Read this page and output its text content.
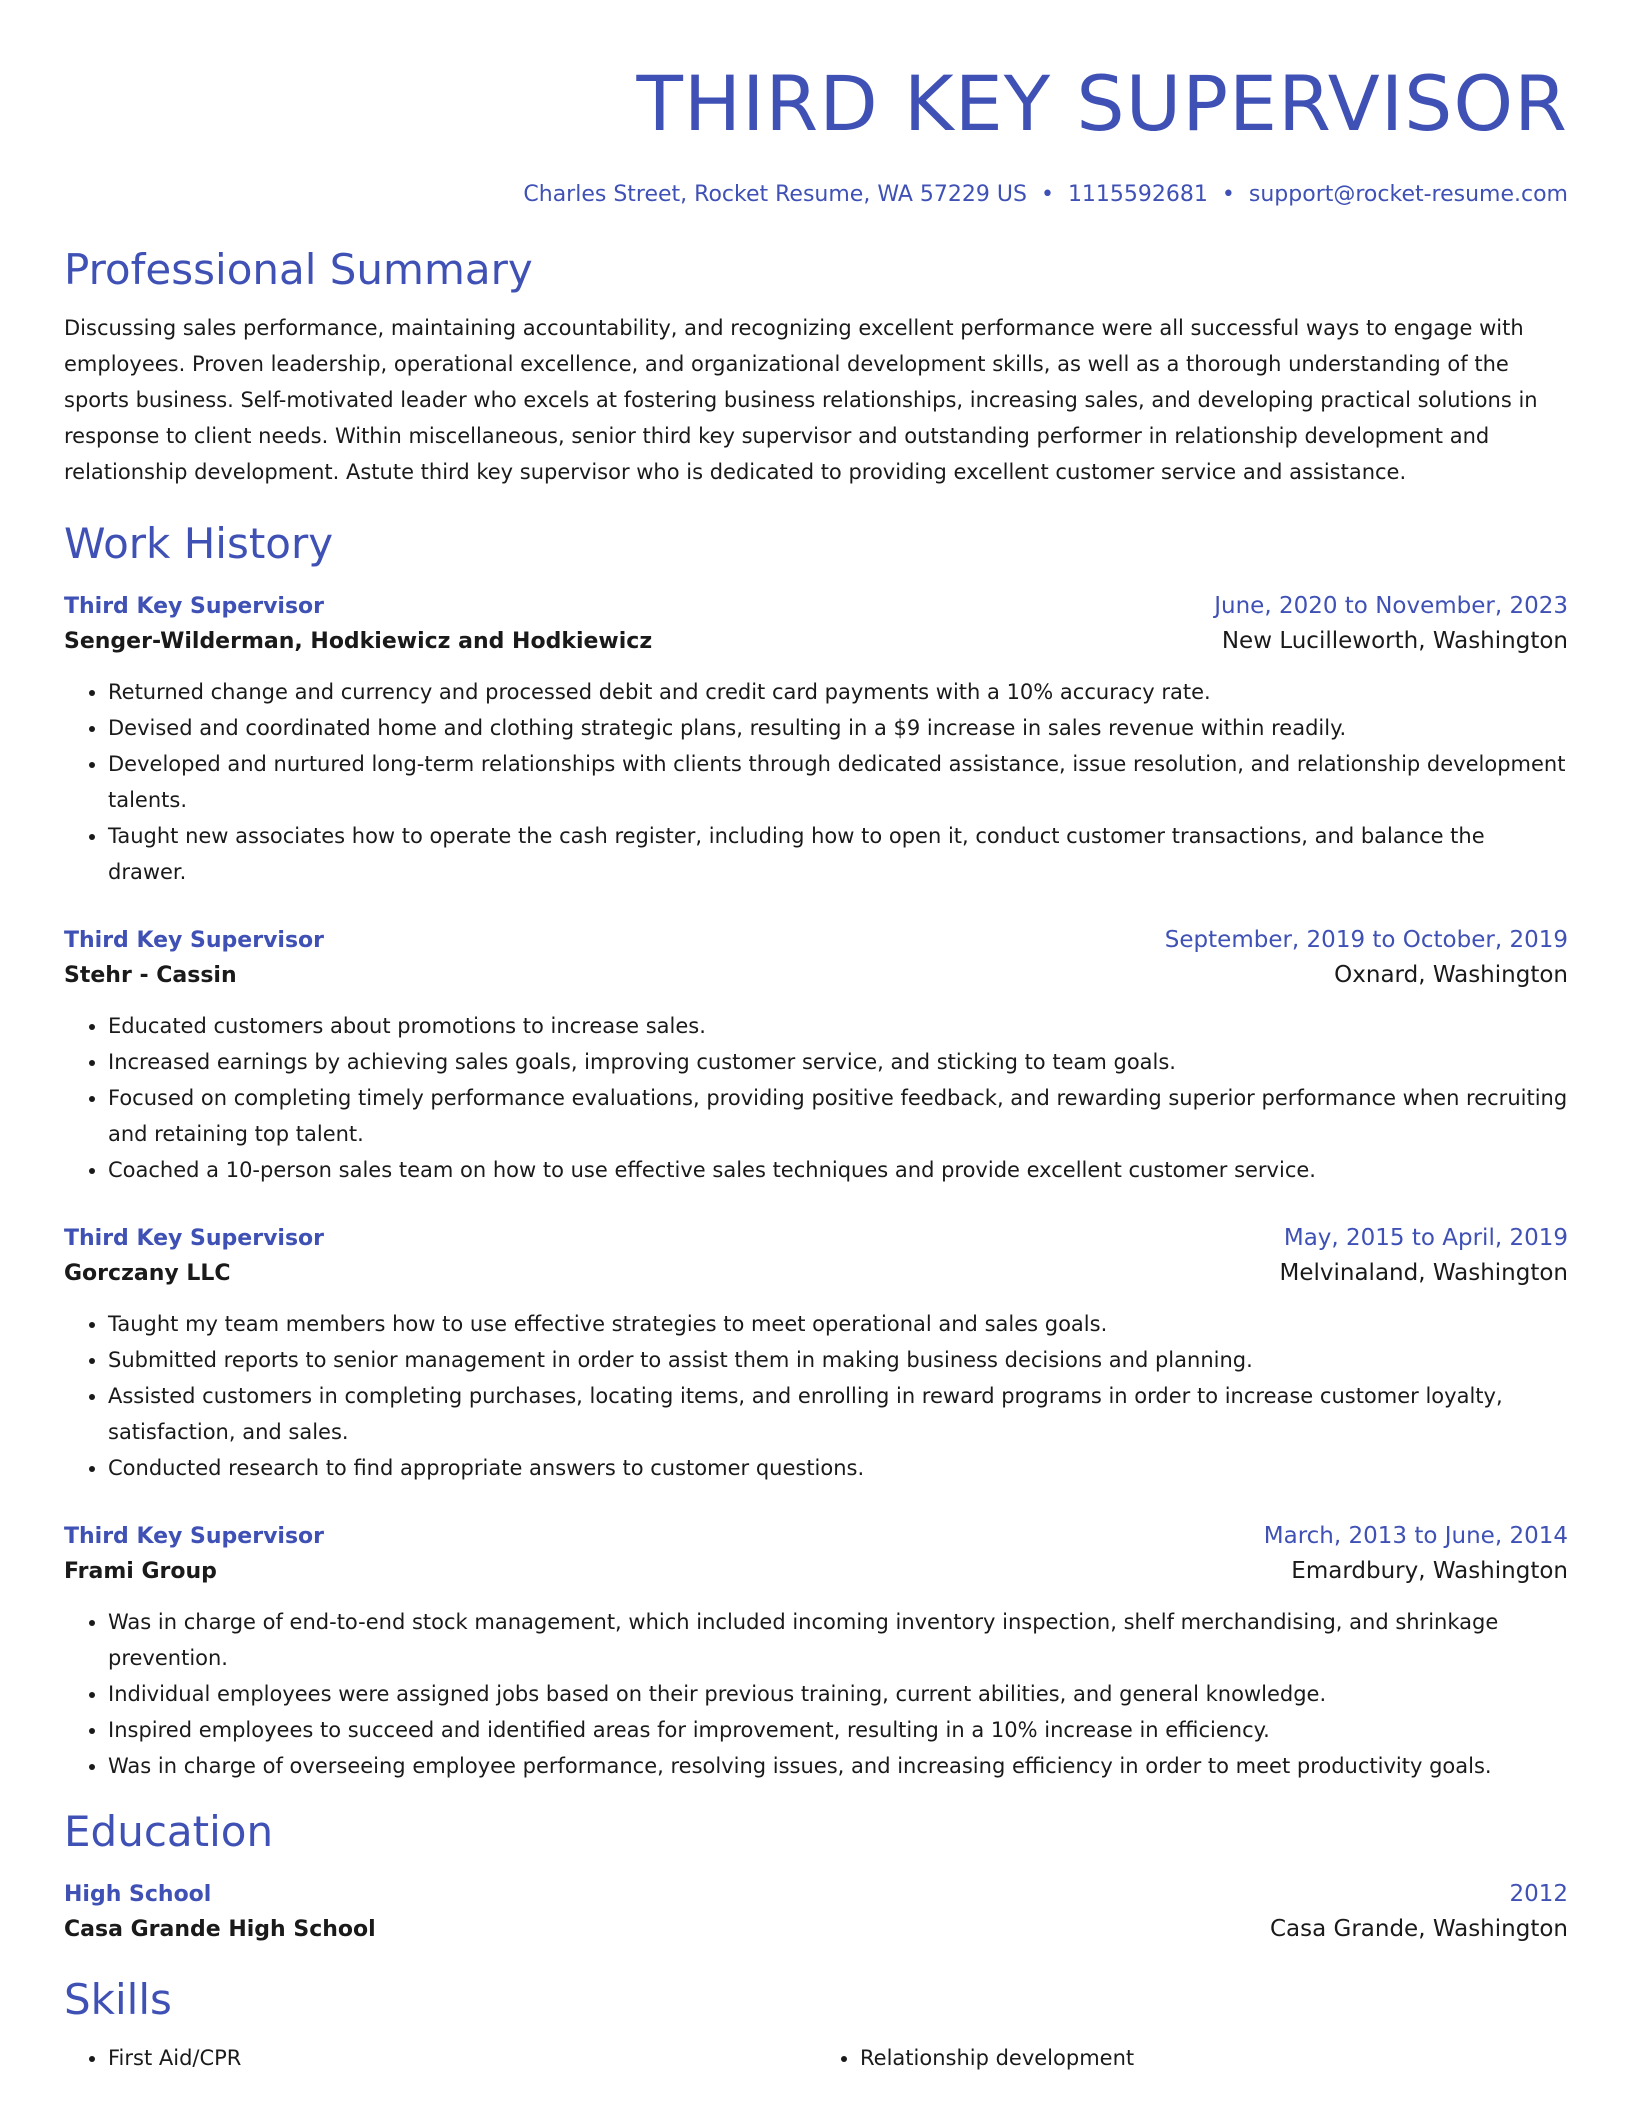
THIRD KEY SUPERVISOR
Charles Street, Rocket Resume, WA 57229 US • 1115592681 • support@rocket-resume.com
Professional Summary

Discussing sales performance, maintaining accountability, and recognizing excellent performance were all successful ways to engage with employees. Proven leadership, operational excellence, and organizational development skills, as well as a thorough understanding of the sports business. Self-motivated leader who excels at fostering business relationships, increasing sales, and developing practical solutions in response to client needs. Within miscellaneous, senior third key supervisor and outstanding performer in relationship development and relationship development. Astute third key supervisor who is dedicated to providing excellent customer service and assistance.

Work History
Third Key Supervisor	June, 2020 to November, 2023
Senger-Wilderman, Hodkiewicz and Hodkiewicz	New Lucilleworth, Washington
• Returned change and currency and processed debit and credit card payments with a 10% accuracy rate.
• Devised and coordinated home and clothing strategic plans, resulting in a $9 increase in sales revenue within readily.
• Developed and nurtured long-term relationships with clients through dedicated assistance, issue resolution, and relationship development talents.
• Taught new associates how to operate the cash register, including how to open it, conduct customer transactions, and balance the drawer.
Third Key Supervisor	September, 2019 to October, 2019
Stehr - Cassin	Oxnard, Washington
• Educated customers about promotions to increase sales.
• Increased earnings by achieving sales goals, improving customer service, and sticking to team goals.
• Focused on completing timely performance evaluations, providing positive feedback, and rewarding superior performance when recruiting and retaining top talent.
• Coached a 10-person sales team on how to use effective sales techniques and provide excellent customer service.
Third Key Supervisor	May, 2015 to April, 2019
Gorczany LLC	Melvinaland, Washington
• Taught my team members how to use effective strategies to meet operational and sales goals.
• Submitted reports to senior management in order to assist them in making business decisions and planning.
• Assisted customers in completing purchases, locating items, and enrolling in reward programs in order to increase customer loyalty, satisfaction, and sales.
• Conducted research to find appropriate answers to customer questions.
Third Key Supervisor	March, 2013 to June, 2014
Frami Group	Emardbury, Washington
• Was in charge of end-to-end stock management, which included incoming inventory inspection, shelf merchandising, and shrinkage prevention.
• Individual employees were assigned jobs based on their previous training, current abilities, and general knowledge.
• Inspired employees to succeed and identified areas for improvement, resulting in a 10% increase in efficiency.
• Was in charge of overseeing employee performance, resolving issues, and increasing efficiency in order to meet productivity goals.
Education
High School	2012
Casa Grande High School	Casa Grande, Washington
Skills
• First Aid/CPR
•	Relationship development
